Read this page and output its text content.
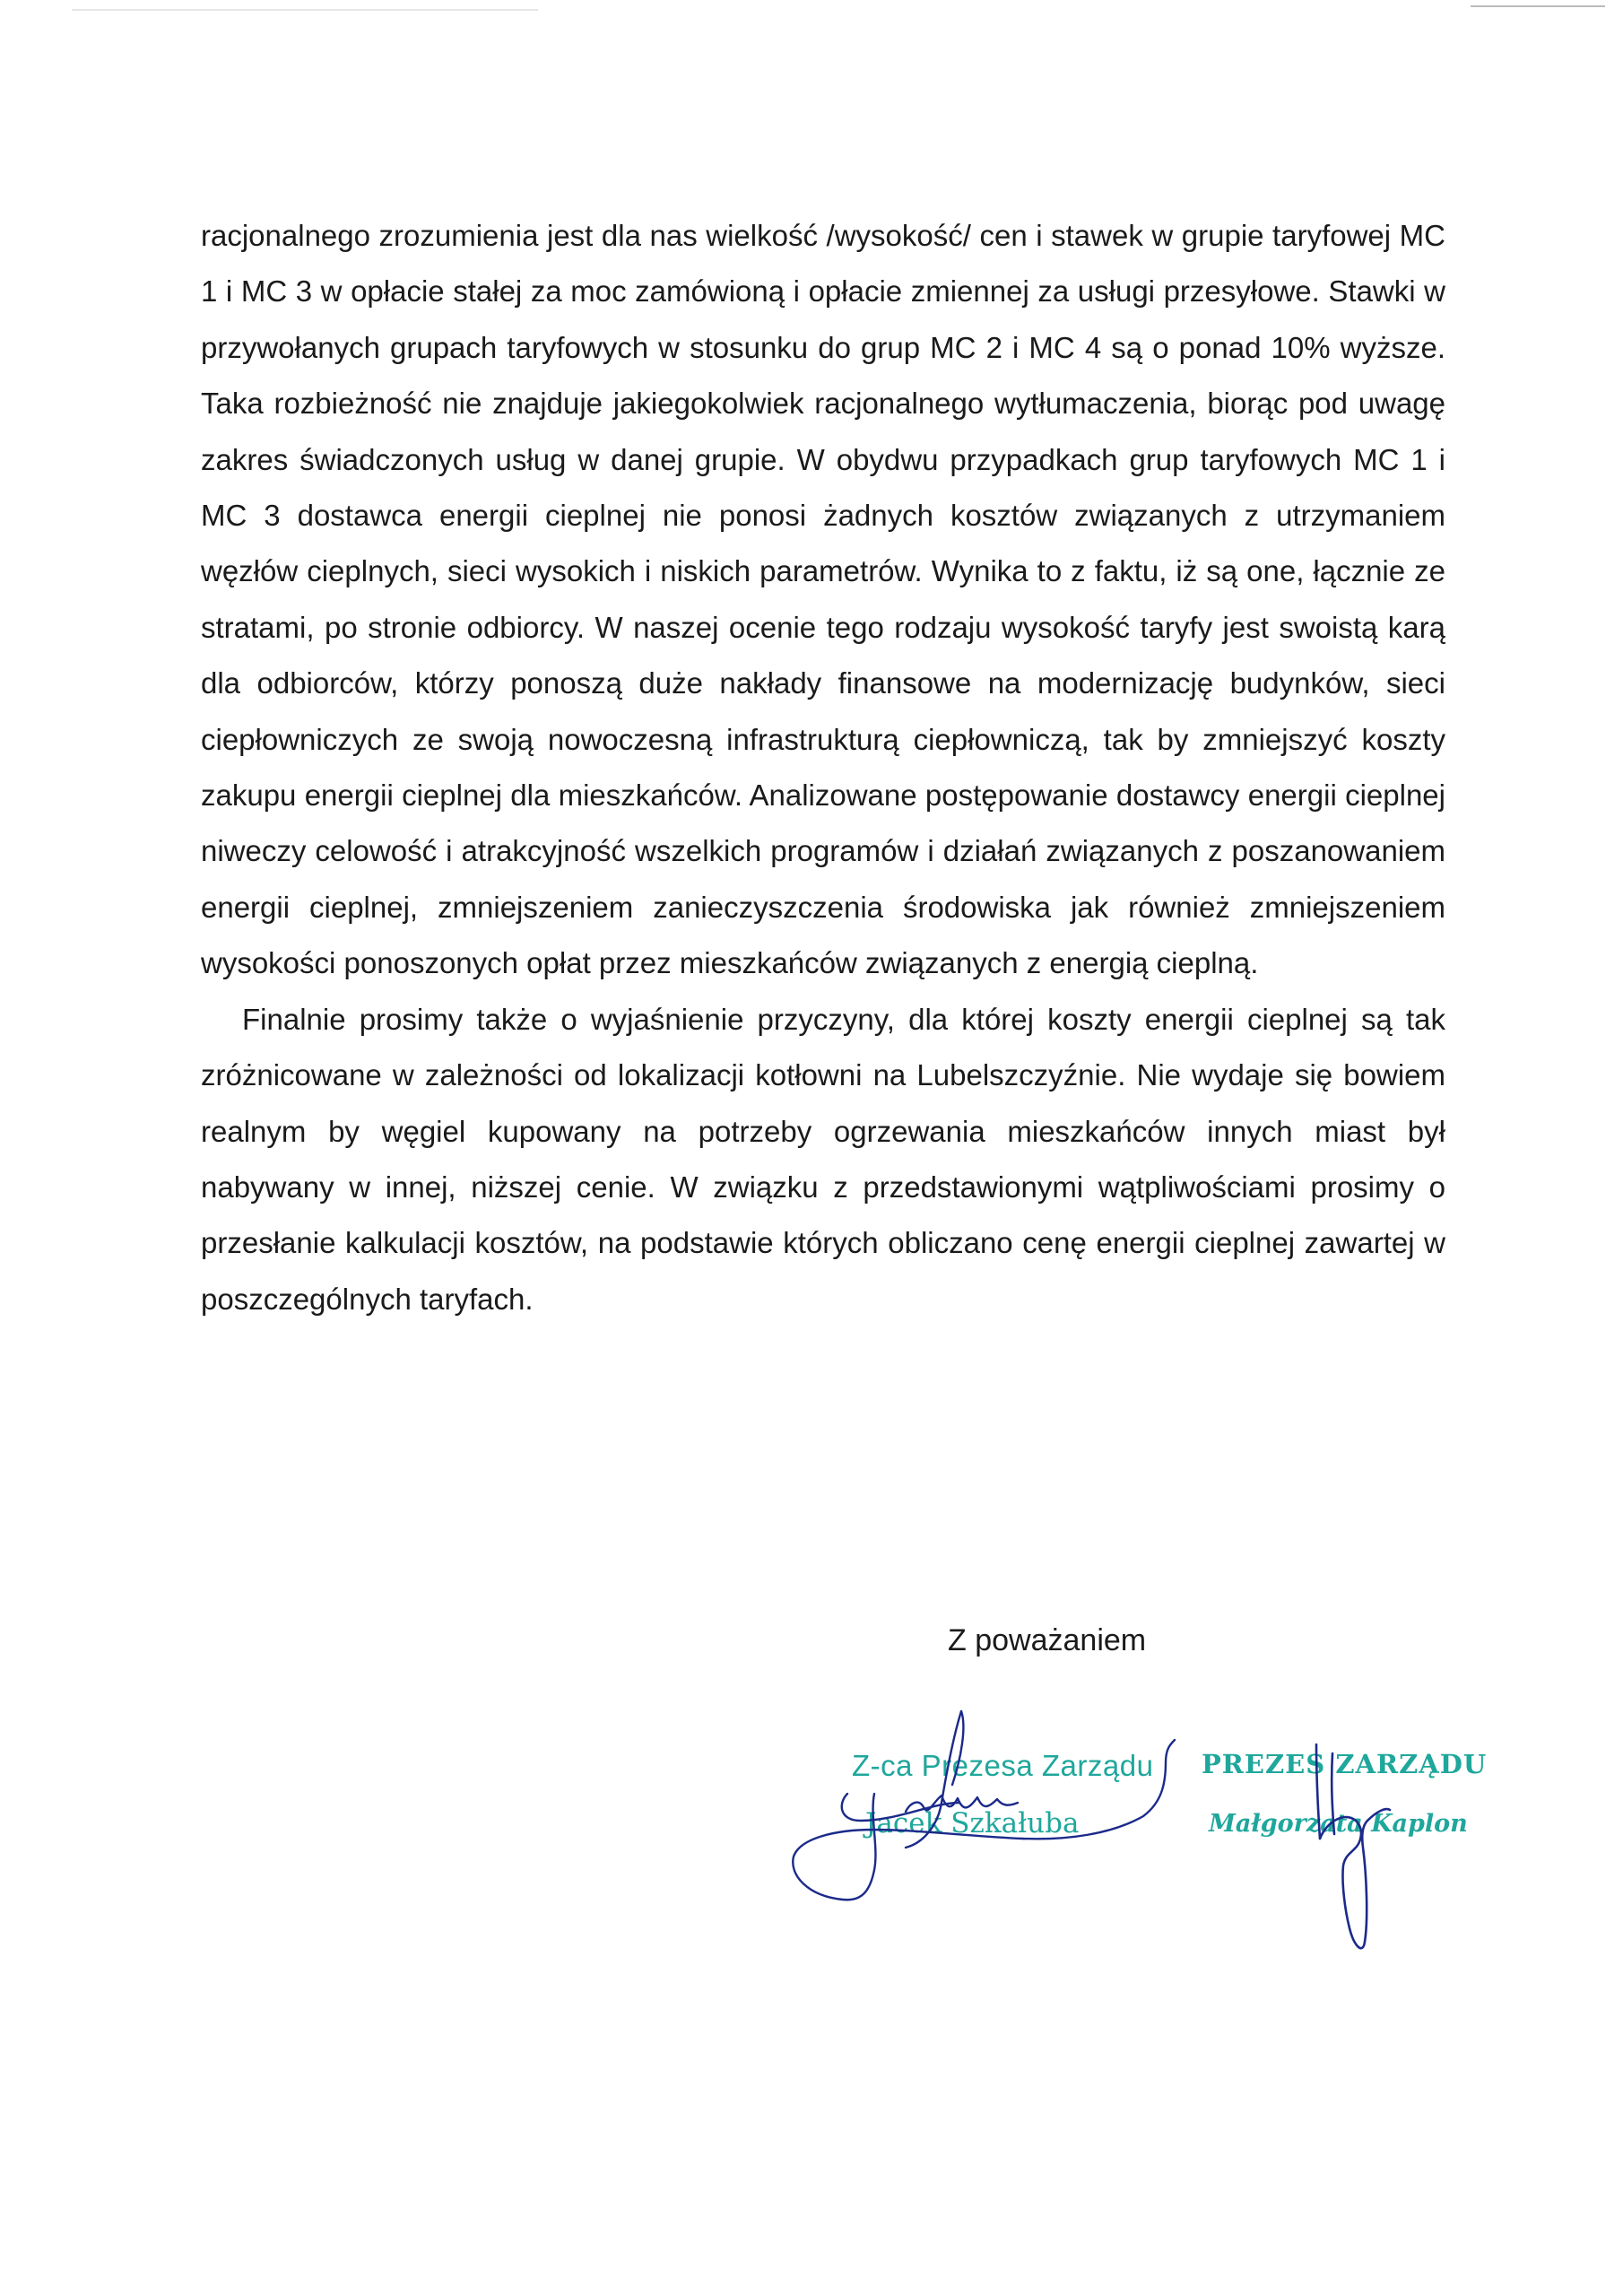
racjonalnego zrozumienia jest dla nas wielkość /wysokość/ cen i stawek w grupie taryfowej MC 1 i MC 3 w opłacie stałej za moc zamówioną i opłacie zmiennej za usługi przesyłowe. Stawki w przywołanych grupach taryfowych w stosunku do grup MC 2 i MC 4 są o ponad 10% wyższe. Taka rozbieżność nie znajduje jakiegokolwiek racjonalnego wytłumaczenia, biorąc pod uwagę zakres świadczonych usług w danej grupie. W obydwu przypadkach grup taryfowych MC 1 i MC 3 dostawca energii cieplnej nie ponosi żadnych kosztów związanych z utrzymaniem węzłów cieplnych, sieci wysokich i niskich parametrów. Wynika to z faktu, iż są one, łącznie ze stratami, po stronie odbiorcy. W naszej ocenie tego rodzaju wysokość taryfy jest swoistą karą dla odbiorców, którzy ponoszą duże nakłady finansowe na modernizację budynków, sieci ciepłowniczych ze swoją nowoczesną infrastrukturą ciepłowniczą, tak by zmniejszyć koszty zakupu energii cieplnej dla mieszkańców. Analizowane postępowanie dostawcy energii cieplnej niweczy celowość i atrakcyjność wszelkich programów i działań związanych z poszanowaniem energii cieplnej, zmniejszeniem zanieczyszczenia środowiska jak również zmniejszeniem wysokości ponoszonych opłat przez mieszkańców związanych z energią cieplną.

Finalnie prosimy także o wyjaśnienie przyczyny, dla której koszty energii cieplnej są tak zróżnicowane w zależności od lokalizacji kotłowni na Lubelszczyźnie. Nie wydaje się bowiem realnym by węgiel kupowany na potrzeby ogrzewania mieszkańców innych miast był nabywany w innej, niższej cenie. W związku z przedstawionymi wątpliwościami prosimy o przesłanie kalkulacji kosztów, na podstawie których obliczano cenę energii cieplnej zawartej w poszczególnych taryfach.

Z poważaniem
Z-ca Prezesa Zarządu
Jacek Szkałuba
PREZES ZARZĄDU
Małgorzata Kaplon
